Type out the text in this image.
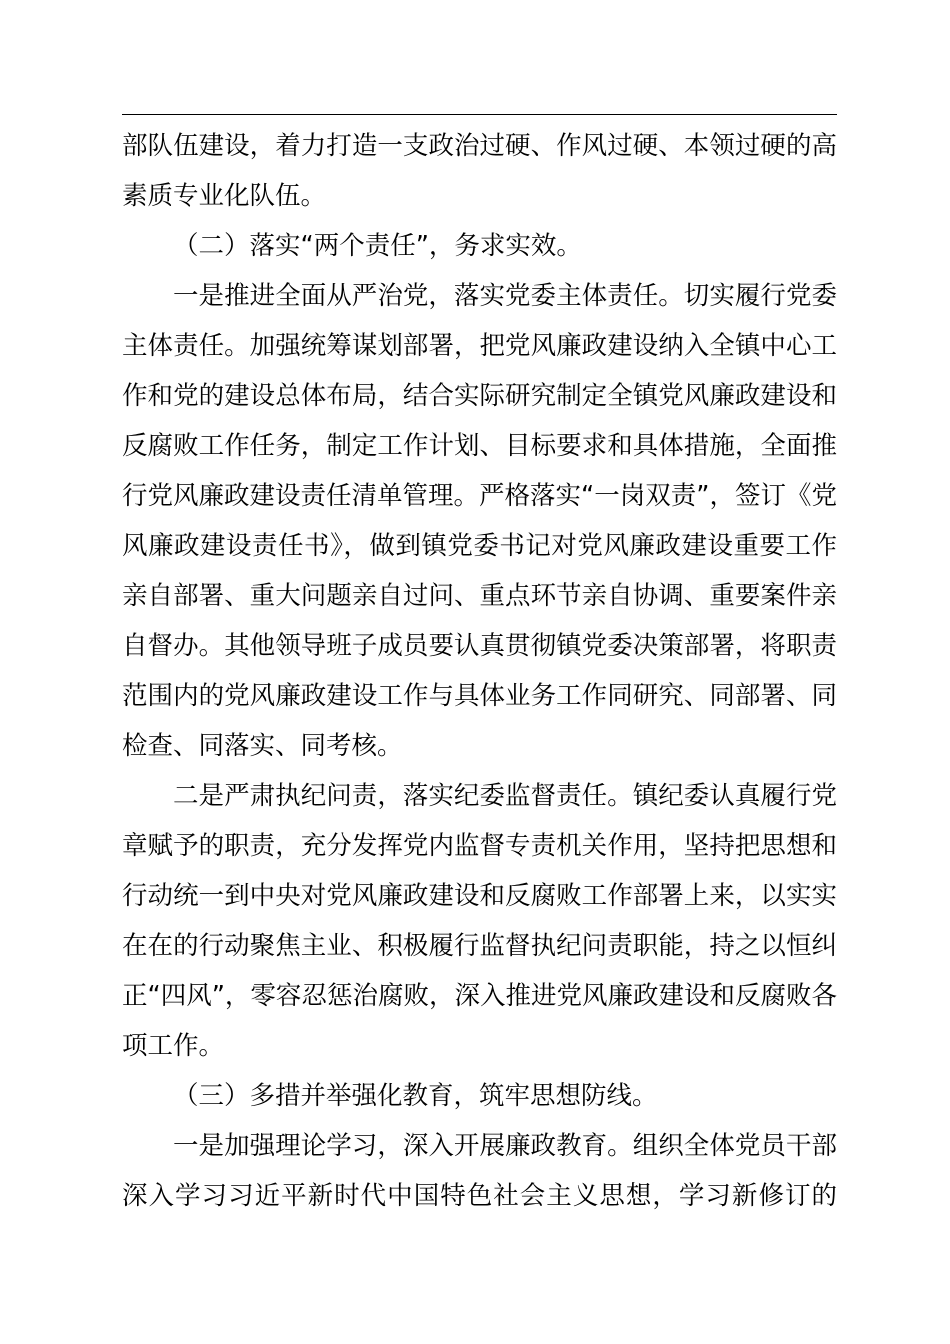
部队伍建设，着力打造一支政治过硬、作风过硬、本领过硬的高
素质专业化队伍。
（二）落实“两个责任”，务求实效。
一是推进全面从严治党，落实党委主体责任。切实履行党委
主体责任。加强统筹谋划部署，把党风廉政建设纳入全镇中心工
作和党的建设总体布局，结合实际研究制定全镇党风廉政建设和
反腐败工作任务，制定工作计划、目标要求和具体措施，全面推
行党风廉政建设责任清单管理。严格落实“一岗双责”，签订《党
风廉政建设责任书》，做到镇党委书记对党风廉政建设重要工作
亲自部署、重大问题亲自过问、重点环节亲自协调、重要案件亲
自督办。其他领导班子成员要认真贯彻镇党委决策部署，将职责
范围内的党风廉政建设工作与具体业务工作同研究、同部署、同
检查、同落实、同考核。
二是严肃执纪问责，落实纪委监督责任。镇纪委认真履行党
章赋予的职责，充分发挥党内监督专责机关作用，坚持把思想和
行动统一到中央对党风廉政建设和反腐败工作部署上来，以实实
在在的行动聚焦主业、积极履行监督执纪问责职能，持之以恒纠
正“四风”，零容忍惩治腐败，深入推进党风廉政建设和反腐败各
项工作。
（三）多措并举强化教育，筑牢思想防线。
一是加强理论学习，深入开展廉政教育。组织全体党员干部
深入学习习近平新时代中国特色社会主义思想，学习新修订的
